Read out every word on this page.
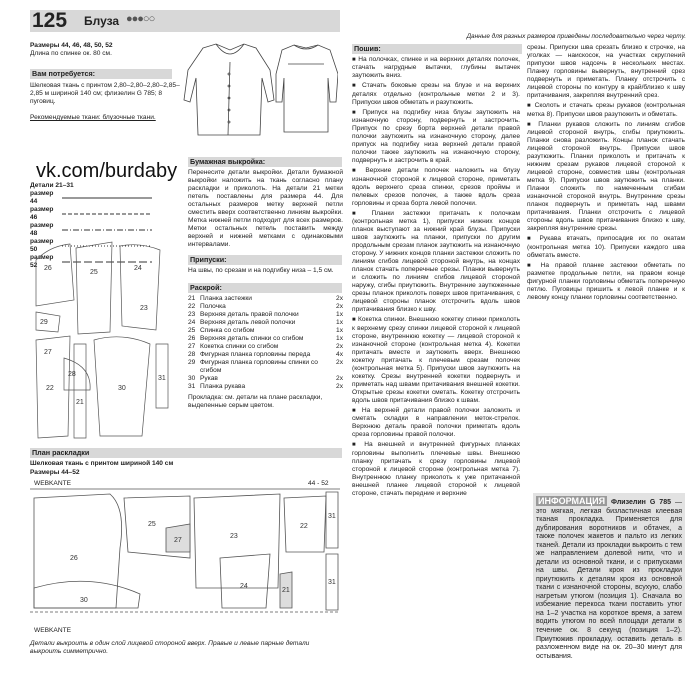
125 Блуза ●●●○○
Данные для разных размеров приведены последовательно через черту.
Размеры 44, 46, 48, 50, 52
Длина по спинке ок. 80 см.
Вам потребуется:

Шелковая ткань с принтом 2,80–2,80–2,80–2,85–2,85 м шириной 140 см; флизелин G 785; 8 пуговиц.

Рекомендуемые ткани: блузочные ткани.

vk.com/burdaby
Детали 21–31
размер 44
размер 46
размер 48
размер 50
размер 52 26
25
28
29
24
21
30
31
22
23
27
Бумажная выкройка:
Перенесите детали выкройки. Детали бумажной выкройки наложить на ткань согласно плану раскладки и приколоть. На детали 21 метки петель поставлены для размера 44. Для остальных размеров метку верхней петли сместить вверх соответственно линиям выкройки. Метка нижней петли подходит для всех размеров. Метки остальных петель поставить между верхней и нижней метками с одинаковыми интервалами.
Припуски:
На швы, по срезам и на подгибку низа – 1,5 см.
Раскрой:
21	Планка застежки	2x
22	Полочка	2x
23	Верхняя деталь правой полочки	1x
24	Верхняя деталь левой полочки	1x
25	Спинка со сгибом	1x
26	Верхняя деталь спинки со сгибом	1x
27	Кокетка спинки со сгибом	2x
28	Фигурная планка горловины переда	4x
29	Фигурная планка горловины спинки со сгибом	2x
30	Рукав	2x
31	Планка рукава	2x
Прокладка: см. детали на плане раскладки, выделенные серым цветом.
План раскладки
Шелковая ткань с принтом шириной 140 см
Размеры 44–52
WEBKANTE	44 - 52
26
25
27
23
22
31
31
30
24
21
WEBKANTE
Детали выкроить в один слой лицевой стороной вверх. Правые и левые парные детали выкроить симметрично.
Пошив:

■ На полочках, спинке и на верхних деталях полочек, стачать нагрудные вытачки, глубины вытачек заутюжить вниз.

■ Стачать боковые срезы на блузе и на верхних деталях отдельно (контрольные метки 2 и 3). Припуски швов обметать и разутюжить.

■ Припуск на подгибку низа блузы заутюжить на изнаночную сторону, подвернуть и застрочить. Припуск по срезу борта верхней детали правой полочки заутюжить на изнаночную сторону, далее припуск на подгибку низа верхней детали правой полочки также заутюжить на изнаночную сторону, подвернуть и застрочить в край.

■ Верхние детали полочек наложить на блузу изнаночной стороной к лицевой стороне, приметать вдоль верхнего среза спинки, срезов проймы и пелевых срезов полочек, а также вдоль среза горловины и среза борта левой полочки.

■ Планки застежки притачать к полочкам (контрольная метка 1), припуски нижних концов планок выступают за нижний край блузы. Припуски швов заутюжить на планки, припуски по другим продольным срезам планок заутюжить на изнаночную сторону. У нижних концов планки застежки сложить по линиям сгибов лицевой стороной внутрь, на концах планок стачать поперечные срезы. Планки вывернуть и сложить по линиям сгибов лицевой стороной наружу, сгибы приутюжить. Внутренние заутюженные срезы планок приколоть поверх швов притачивания, с лицевой стороны планок отстрочить вдоль швов притачивания близко к шву.

■ Кокетка спинки. Внешнюю кокетку спинки приколоть к верхнему срезу спинки лицевой стороной к лицевой стороне, внутреннюю кокетку — лицевой стороной к изнаночной стороне (контрольная метка 4). Кокетки притачать вместе и заутюжить вверх. Внешнюю кокетку притачать к плечевым срезам полочек (контрольная метка 5). Припуски швов заутюжить на кокетку. Срезы внутренней кокетки подвернуть и приметать над швами притачивания внешней кокетки. Открытые срезы кокетки сметать. Кокетку отстрочить вдоль швов притачивания близко к швам.

■ На верхней детали правой полочки заложить и сметать складки в направлении меток-стрелок. Верхнюю деталь правой полочки приметать вдоль среза горловины правой полочки.

■ На внешней и внутренней фигурных планках горловины выполнить плечевые швы. Внешнюю планку притачать к срезу горловины лицевой стороной к лицевой стороне (контрольная метка 7). Внутреннюю планку приколоть к уже притачанной внешней планке лицевой стороной к лицевой стороне, стачать передние и верхние

срезы. Припуски шва срезать близко к строчке, на уголках — наискосок, на участках скруглений припуски швов надсечь в нескольких местах. Планку горловины вывернуть, внутренний срез подвернуть и приметать. Планку отстрочить с лицевой стороны по контуру в край/близко к шву притачивания, закрепляя внутренний срез.

■ Сколоть и стачать срезы рукавов (контрольная метка 8). Припуски швов разутюжить и обметать.

■ Планки рукавов сложить по линиям сгибов лицевой стороной внутрь, сгибы приутюжить. Планки снова разложить. Концы планок стачать лицевой стороной внутрь. Припуски швов разутюжить. Планки приколоть и притачать к нижним срезам рукавов лицевой стороной к лицевой стороне, совместив швы (контрольная метка 9). Припуски швов заутюжить на планки. Планки сложить по намеченным сгибам изнаночной стороной внутрь. Внутренние срезы планок подвернуть и приметать над швами притачивания. Планки отстрочить с лицевой стороны вдоль швов притачивания близко к шву, закрепляя внутренние срезы.

■ Рукава втачать, припосадив их по окатам (контрольная метка 10). Припуски каждого шва обметать вместе.

■ На правой планке застежки обметать по разметке продольные петли, на правом конце фигурной планки горловины обметать поперечную петлю. Пуговицы пришить к левой планке и к левому концу планки горловины соответственно.

ИНФОРМАЦИЯ Флизелин G 785 — это мягкая, легкая бизластичная клеевая тканая прокладка. Применяется для дублирования воротников и обтачек, а также полочек жакетов и пальто из легких тканей. Детали из прокладки выкроить с тем же направлением долевой нити, что и детали из основной ткани, и с припусками на швы. Детали кроя из прокладки приутюжить к деталям кроя из основной ткани с изнаночной стороны, всухую, слабо нагретым утюгом (позиция 1). Сначала во избежание перекоса ткани поставить утюг на 1–2 участка на короткое время, а затем водить утюгом по всей площади детали в течение ок. 8 секунд (позиция 1–2). Приутюжив прокладку, оставить деталь в разложенном виде на ок. 20–30 минут для остывания.
